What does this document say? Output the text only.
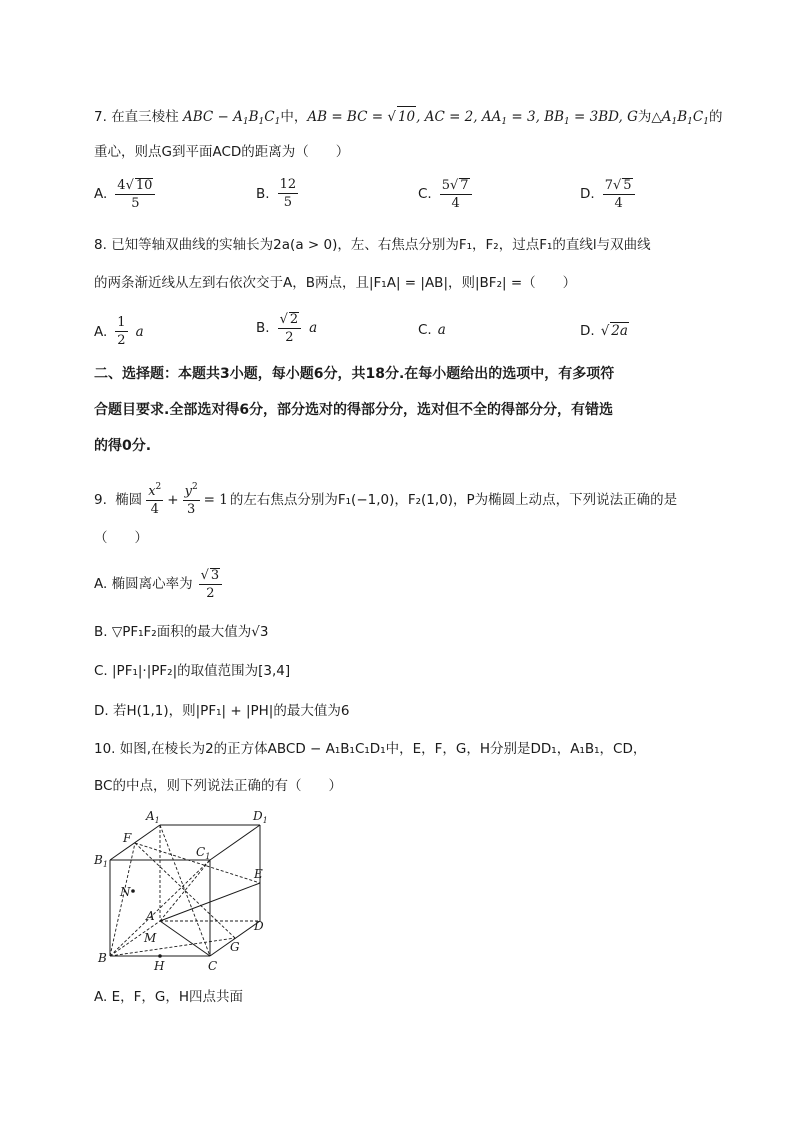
7. 在直三棱柱 ABC − $A_1B_1C_1$中，AB = BC = √ 10, AC = 2, $AA_1 = 3$, $BB_1 = 3BD$, G为$\triangle A_1B_1C_1$的
重心，则点G到平面ACD的距离为（　　）
A. $\frac{4√ 10}{5}$	B. $\frac{12}{5}$	C. $\frac{5√ 7}{4}$	D. $\frac{7√ 5}{4}$
8. 已知等轴双曲线的实轴长为2a(a > 0)，左、右焦点分别为F₁，F₂，过点F₁的直线l与双曲线
的两条渐近线从左到右依次交于A，B两点，且|F₁A| = |AB|，则|BF₂| =（　　）
A. $\frac{1}{2}$ a	B. $\frac{√ 2}{2}$ a	C. a	D. √ 2a
二、选择题：本题共3小题，每小题6分，共18分.在每小题给出的选项中，有多项符
合题目要求.全部选对得6分，部分选对的得部分分，选对但不全的得部分分，有错选
的得0分.
9.
椭圆 $\frac{x^2}{4} + \frac{y^2}{3} = 1$ 的左右焦点分别为F₁(−1,0)，F₂(1,0)，P为椭圆上动点，下列说法正确的是
（　　）
A. 椭圆离心率为 $\frac{√ 3}{2}$
B. ▽PF₁F₂面积的最大值为√3
C. |PF₁|·|PF₂|的取值范围为[3,4]
D. 若H(1,1)，则|PF₁| + |PH|的最大值为6
10. 如图,在棱长为2的正方体ABCD − A₁B₁C₁D₁中，E，F，G，H分别是DD₁，A₁B₁，CD，
BC的中点，则下列说法正确的有（　　）
$A_1$	$D_1$
F
$B_1$
$C_1$
E
N
A
D
M
G
B
H	C
A. E，F，G，H四点共面
